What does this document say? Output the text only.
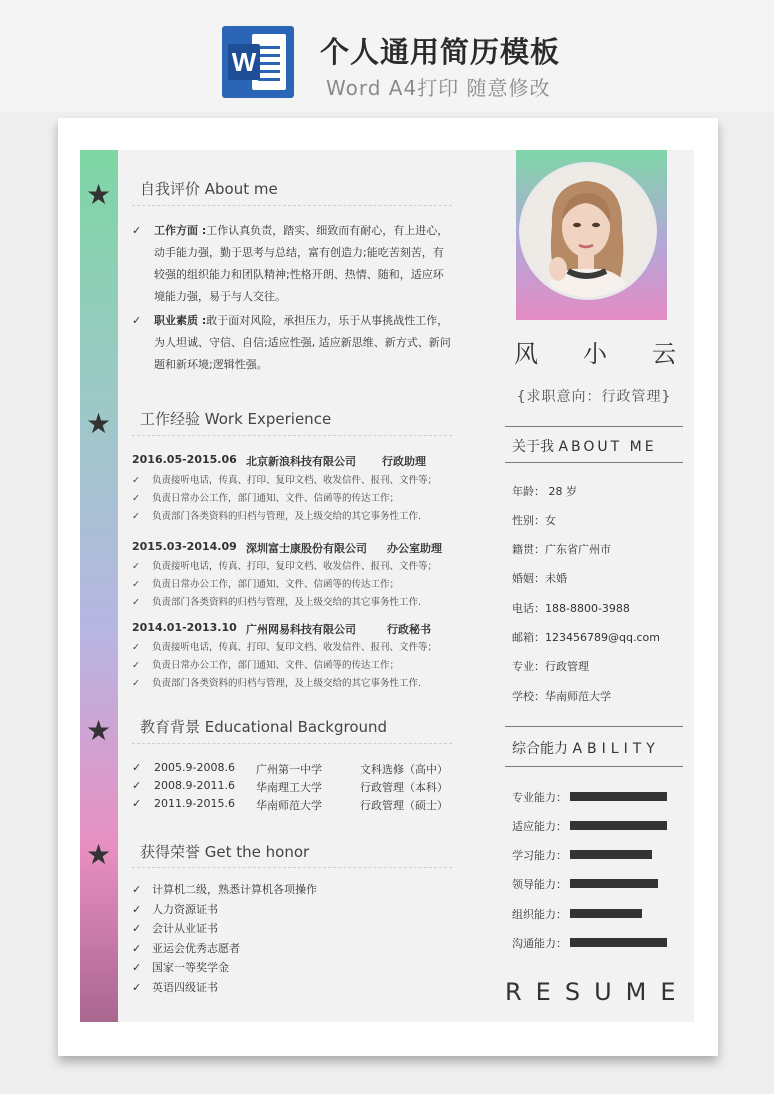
W 个人通用简历模板
Word A4打印 随意修改
★
★
★
★
自我评价 About me
✓ 工作方面 :工作认真负责，踏实、细致而有耐心，有上进心，动手能力强，勤于思考与总结，富有创造力;能吃苦刻苦，有较强的组织能力和团队精神;性格开朗、热情、随和，适应环境能力强，易于与人交往。
✓ 职业素质 :敢于面对风险，承担压力，乐于从事挑战性工作，为人坦诚、守信、自信;适应性强, 适应新思维、新方式、新问题和新环境;逻辑性强。
工作经验 Work Experience
2016.05-2015.06 北京新浪科技有限公司 行政助理
✓ 负责接听电话，传真、打印、复印文档、收发信件、报刊、文件等；
✓ 负责日常办公工作，部门通知、文件、信函等的传达工作；
✓ 负责部门各类资料的归档与管理，及上级交给的其它事务性工作.
2015.03-2014.09 深圳富士康股份有限公司 办公室助理
✓ 负责接听电话，传真、打印、复印文档、收发信件、报刊、文件等；
✓ 负责日常办公工作，部门通知、文件、信函等的传达工作；
✓ 负责部门各类资料的归档与管理，及上级交给的其它事务性工作.
2014.01-2013.10 广州网易科技有限公司	行政秘书
✓ 负责接听电话，传真、打印、复印文档、收发信件、报刊、文件等；
✓ 负责日常办公工作，部门通知、文件、信函等的传达工作；
✓ 负责部门各类资料的归档与管理，及上级交给的其它事务性工作.
教育背景 Educational Background
✓ 2005.9-2008.6 广州第一中学	文科选修（高中）
✓ 2008.9-2011.6 华南理工大学	行政管理（本科）
✓ 2011.9-2015.6 华南师范大学	行政管理（硕士）
获得荣誉 Get the honor
✓ 计算机二级，熟悉计算机各项操作
✓ 人力资源证书
✓ 会计从业证书
✓ 亚运会优秀志愿者
✓ 国家一等奖学金
✓ 英语四级证书
风 小 云
{求职意向：行政管理}
关于我 ABOUT ME
年龄： 28 岁
性别：女
籍贯：广东省广州市
婚姻：未婚
电话：188-8800-3988
邮箱：123456789@qq.com
专业：行政管理
学校：华南师范大学
综合能力 ABILITY
专业能力：
适应能力：
学习能力：
领导能力：
组织能力：
沟通能力：
RESUME
